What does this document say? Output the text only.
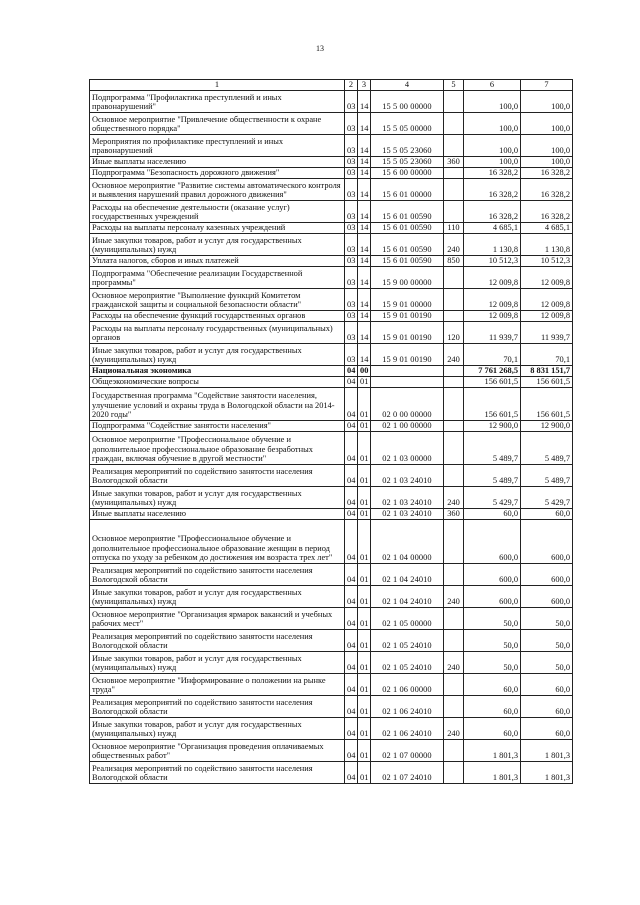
13
1	2	3	4	5	6	7
Подпрограмма "Профилактика преступлений и иных правонарушений"	03	14	15 5 00 00000		100,0	100,0
Основное мероприятие "Привлечение общественности к охране общественного порядка"	03	14	15 5 05 00000		100,0	100,0
Мероприятия по профилактике преступлений и иных правонарушений	03	14	15 5 05 23060		100,0	100,0
Иные выплаты населению	03	14	15 5 05 23060	360	100,0	100,0
Подпрограмма "Безопасность дорожного движения"	03	14	15 6 00 00000		16 328,2	16 328,2
Основное мероприятие "Развитие системы автоматического контроля и выявления нарушений правил дорожного движения"	03	14	15 6 01 00000		16 328,2	16 328,2
Расходы на обеспечение деятельности (оказание услуг) государственных учреждений	03	14	15 6 01 00590		16 328,2	16 328,2
Расходы на выплаты персоналу казенных учреждений	03	14	15 6 01 00590	110	4 685,1	4 685,1
Иные закупки товаров, работ и услуг для государственных (муниципальных) нужд	03	14	15 6 01 00590	240	1 130,8	1 130,8
Уплата налогов, сборов и иных платежей	03	14	15 6 01 00590	850	10 512,3	10 512,3
Подпрограмма "Обеспечение реализации Государственной программы"	03	14	15 9 00 00000		12 009,8	12 009,8
Основное мероприятие "Выполнение функций Комитетом гражданской защиты и социальной безопасности области"	03	14	15 9 01 00000		12 009,8	12 009,8
Расходы на обеспечение функций государственных органов	03	14	15 9 01 00190		12 009,8	12 009,8
Расходы на выплаты персоналу государственных (муниципальных) органов	03	14	15 9 01 00190	120	11 939,7	11 939,7
Иные закупки товаров, работ и услуг для государственных (муниципальных) нужд	03	14	15 9 01 00190	240	70,1	70,1
Национальная экономика	04	00			7 761 268,5	8 831 151,7
Общеэкономические вопросы	04	01			156 601,5	156 601,5
Государственная программа "Содействие занятости населения, улучшение условий и охраны труда в Вологодской области на 2014-2020 годы"	04	01	02 0 00 00000		156 601,5	156 601,5
Подпрограмма "Содействие занятости населения"	04	01	02 1 00 00000		12 900,0	12 900,0
Основное мероприятие "Профессиональное обучение и дополнительное профессиональное образование безработных граждан, включая обучение в другой местности"	04	01	02 1 03 00000		5 489,7	5 489,7
Реализация мероприятий по содействию занятости населения Вологодской области	04	01	02 1 03 24010		5 489,7	5 489,7
Иные закупки товаров, работ и услуг для государственных (муниципальных) нужд	04	01	02 1 03 24010	240	5 429,7	5 429,7
Иные выплаты населению	04	01	02 1 03 24010	360	60,0	60,0
Основное мероприятие "Профессиональное обучение и дополнительное профессиональное образование женщин в период отпуска по уходу за ребенком до достижения им возраста трех лет"	04	01	02 1 04 00000		600,0	600,0
Реализация мероприятий по содействию занятости населения Вологодской области	04	01	02 1 04 24010		600,0	600,0
Иные закупки товаров, работ и услуг для государственных (муниципальных) нужд	04	01	02 1 04 24010	240	600,0	600,0
Основное мероприятие "Организация ярмарок вакансий и учебных рабочих мест"	04	01	02 1 05 00000		50,0	50,0
Реализация мероприятий по содействию занятости населения Вологодской области	04	01	02 1 05 24010		50,0	50,0
Иные закупки товаров, работ и услуг для государственных (муниципальных) нужд	04	01	02 1 05 24010	240	50,0	50,0
Основное мероприятие "Информирование о положении на рынке труда"	04	01	02 1 06 00000		60,0	60,0
Реализация мероприятий по содействию занятости населения Вологодской области	04	01	02 1 06 24010		60,0	60,0
Иные закупки товаров, работ и услуг для государственных (муниципальных) нужд	04	01	02 1 06 24010	240	60,0	60,0
Основное мероприятие "Организация проведения оплачиваемых общественных работ"	04	01	02 1 07 00000		1 801,3	1 801,3
Реализация мероприятий по содействию занятости населения Вологодской области	04	01	02 1 07 24010		1 801,3	1 801,3
